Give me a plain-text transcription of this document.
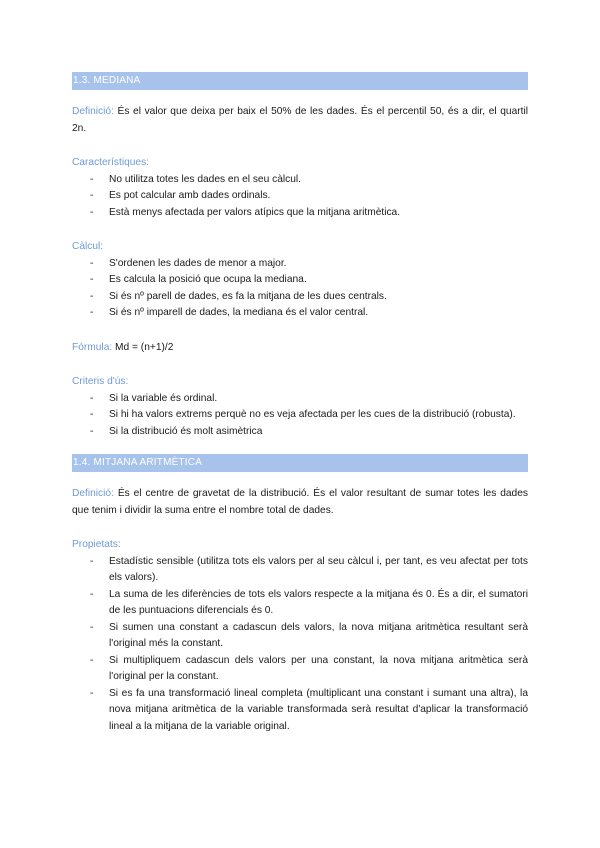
1.3. MEDIANA

Definició: És el valor que deixa per baix el 50% de les dades. És el percentil 50, és a dir, el quartil 2n.

Característiques:

- No utilitza totes les dades en el seu càlcul.
- Es pot calcular amb dades ordinals.
- Està menys afectada per valors atípics que la mitjana aritmètica.

Càlcul:

- S'ordenen les dades de menor a major.
- Es calcula la posició que ocupa la mediana.
- Si és nº parell de dades, es fa la mitjana de les dues centrals.
- Si és nº imparell de dades, la mediana és el valor central.

Fórmula: Md = (n+1)/2

Criteris d'ús:

- Si la variable és ordinal.
- Si hi ha valors extrems perquè no es veja afectada per les cues de la distribució (robusta).
- Si la distribució és molt asimètrica
1.4. MITJANA ARITMÈTICA

Definició: És el centre de gravetat de la distribució. És el valor resultant de sumar totes les dades que tenim i dividir la suma entre el nombre total de dades.

Propietats:

- Estadístic sensible (utilitza tots els valors per al seu càlcul i, per tant, es veu afectat per tots els valors).
- La suma de les diferències de tots els valors respecte a la mitjana és 0. És a dir, el sumatori de les puntuacions diferencials és 0.
- Si sumen una constant a cadascun dels valors, la nova mitjana aritmètica resultant serà l'original més la constant.
- Si multipliquem cadascun dels valors per una constant, la nova mitjana aritmètica serà l'original per la constant.
- Si es fa una transformació lineal completa (multiplicant una constant i sumant una altra), la nova mitjana aritmètica de la variable transformada serà resultat d'aplicar la transformació lineal a la mitjana de la variable original.
